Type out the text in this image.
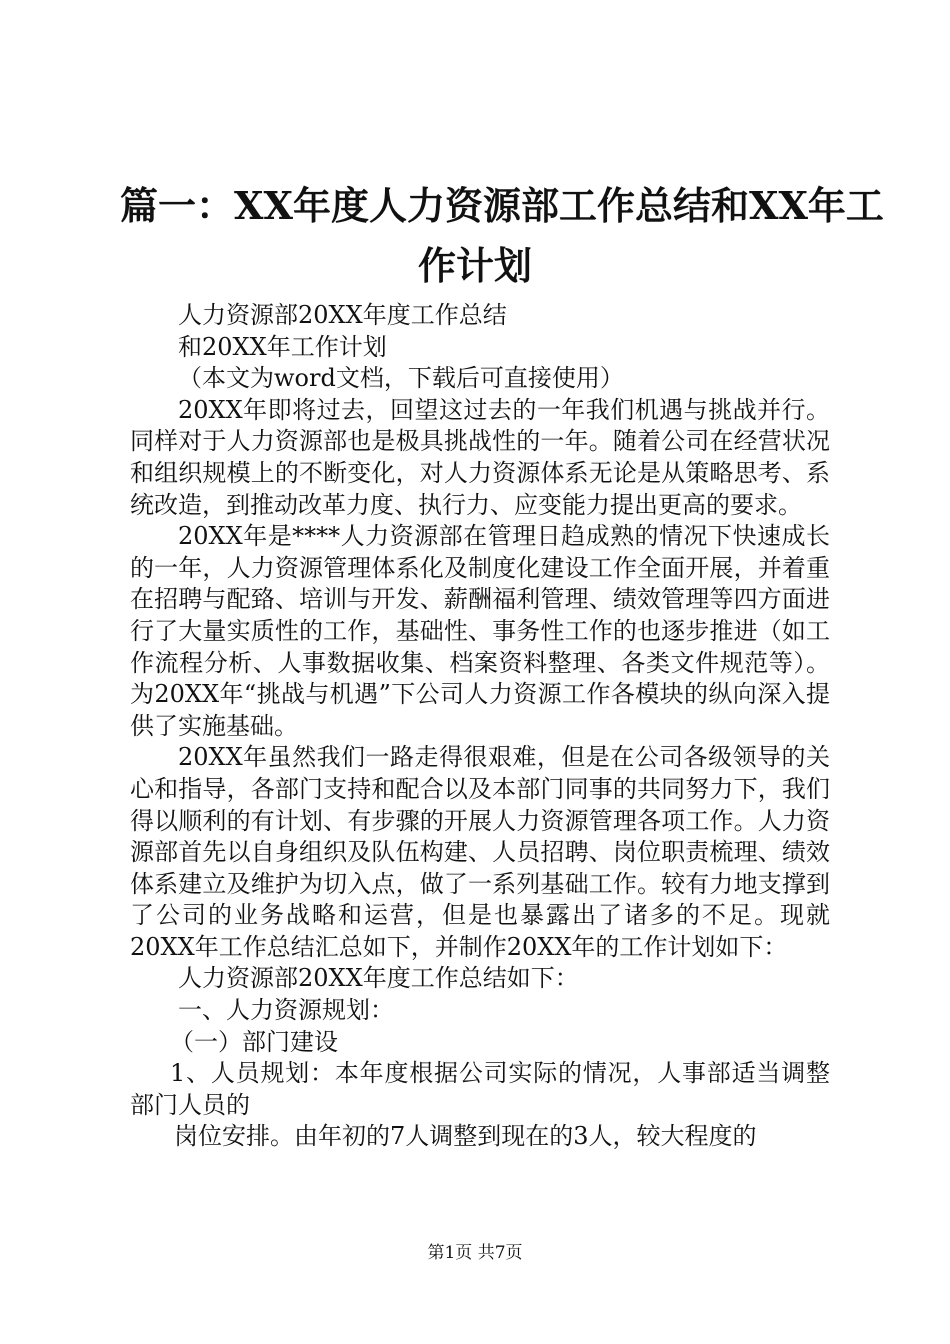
篇一：XX年度人力资源部工作总结和XX年工
作计划

人力资源部20XX年度工作总结

和20XX年工作计划

（本文为word文档，下载后可直接使用）

20XX年即将过去，回望这过去的一年我们机遇与挑战并行。同样对于人力资源部也是极具挑战性的一年。随着公司在经营状况和组织规模上的不断变化，对人力资源体系无论是从策略思考、系统改造，到推动改革力度、执行力、应变能力提出更高的要求。

20XX年是****人力资源部在管理日趋成熟的情况下快速成长的一年，人力资源管理体系化及制度化建设工作全面开展，并着重在招聘与配臵、培训与开发、薪酬福利管理、绩效管理等四方面进行了大量实质性的工作，基础性、事务性工作的也逐步推进（如工作流程分析、人事数据收集、档案资料整理、各类文件规范等）。为20XX年“挑战与机遇”下公司人力资源工作各模块的纵向深入提供了实施基础。

20XX年虽然我们一路走得很艰难，但是在公司各级领导的关心和指导，各部门支持和配合以及本部门同事的共同努力下，我们得以顺利的有计划、有步骤的开展人力资源管理各项工作。人力资源部首先以自身组织及队伍构建、人员招聘、岗位职责梳理、绩效体系建立及维护为切入点，做了一系列基础工作。较有力地支撑到了公司的业务战略和运营，但是也暴露出了诸多的不足。现就20XX年工作总结汇总如下，并制作20XX年的工作计划如下：

人力资源部20XX年度工作总结如下：

一、人力资源规划：

（一）部门建设

1、人员规划：本年度根据公司实际的情况，人事部适当调整部门人员的

岗位安排。由年初的7人调整到现在的3人，较大程度的

第1页 共7页
